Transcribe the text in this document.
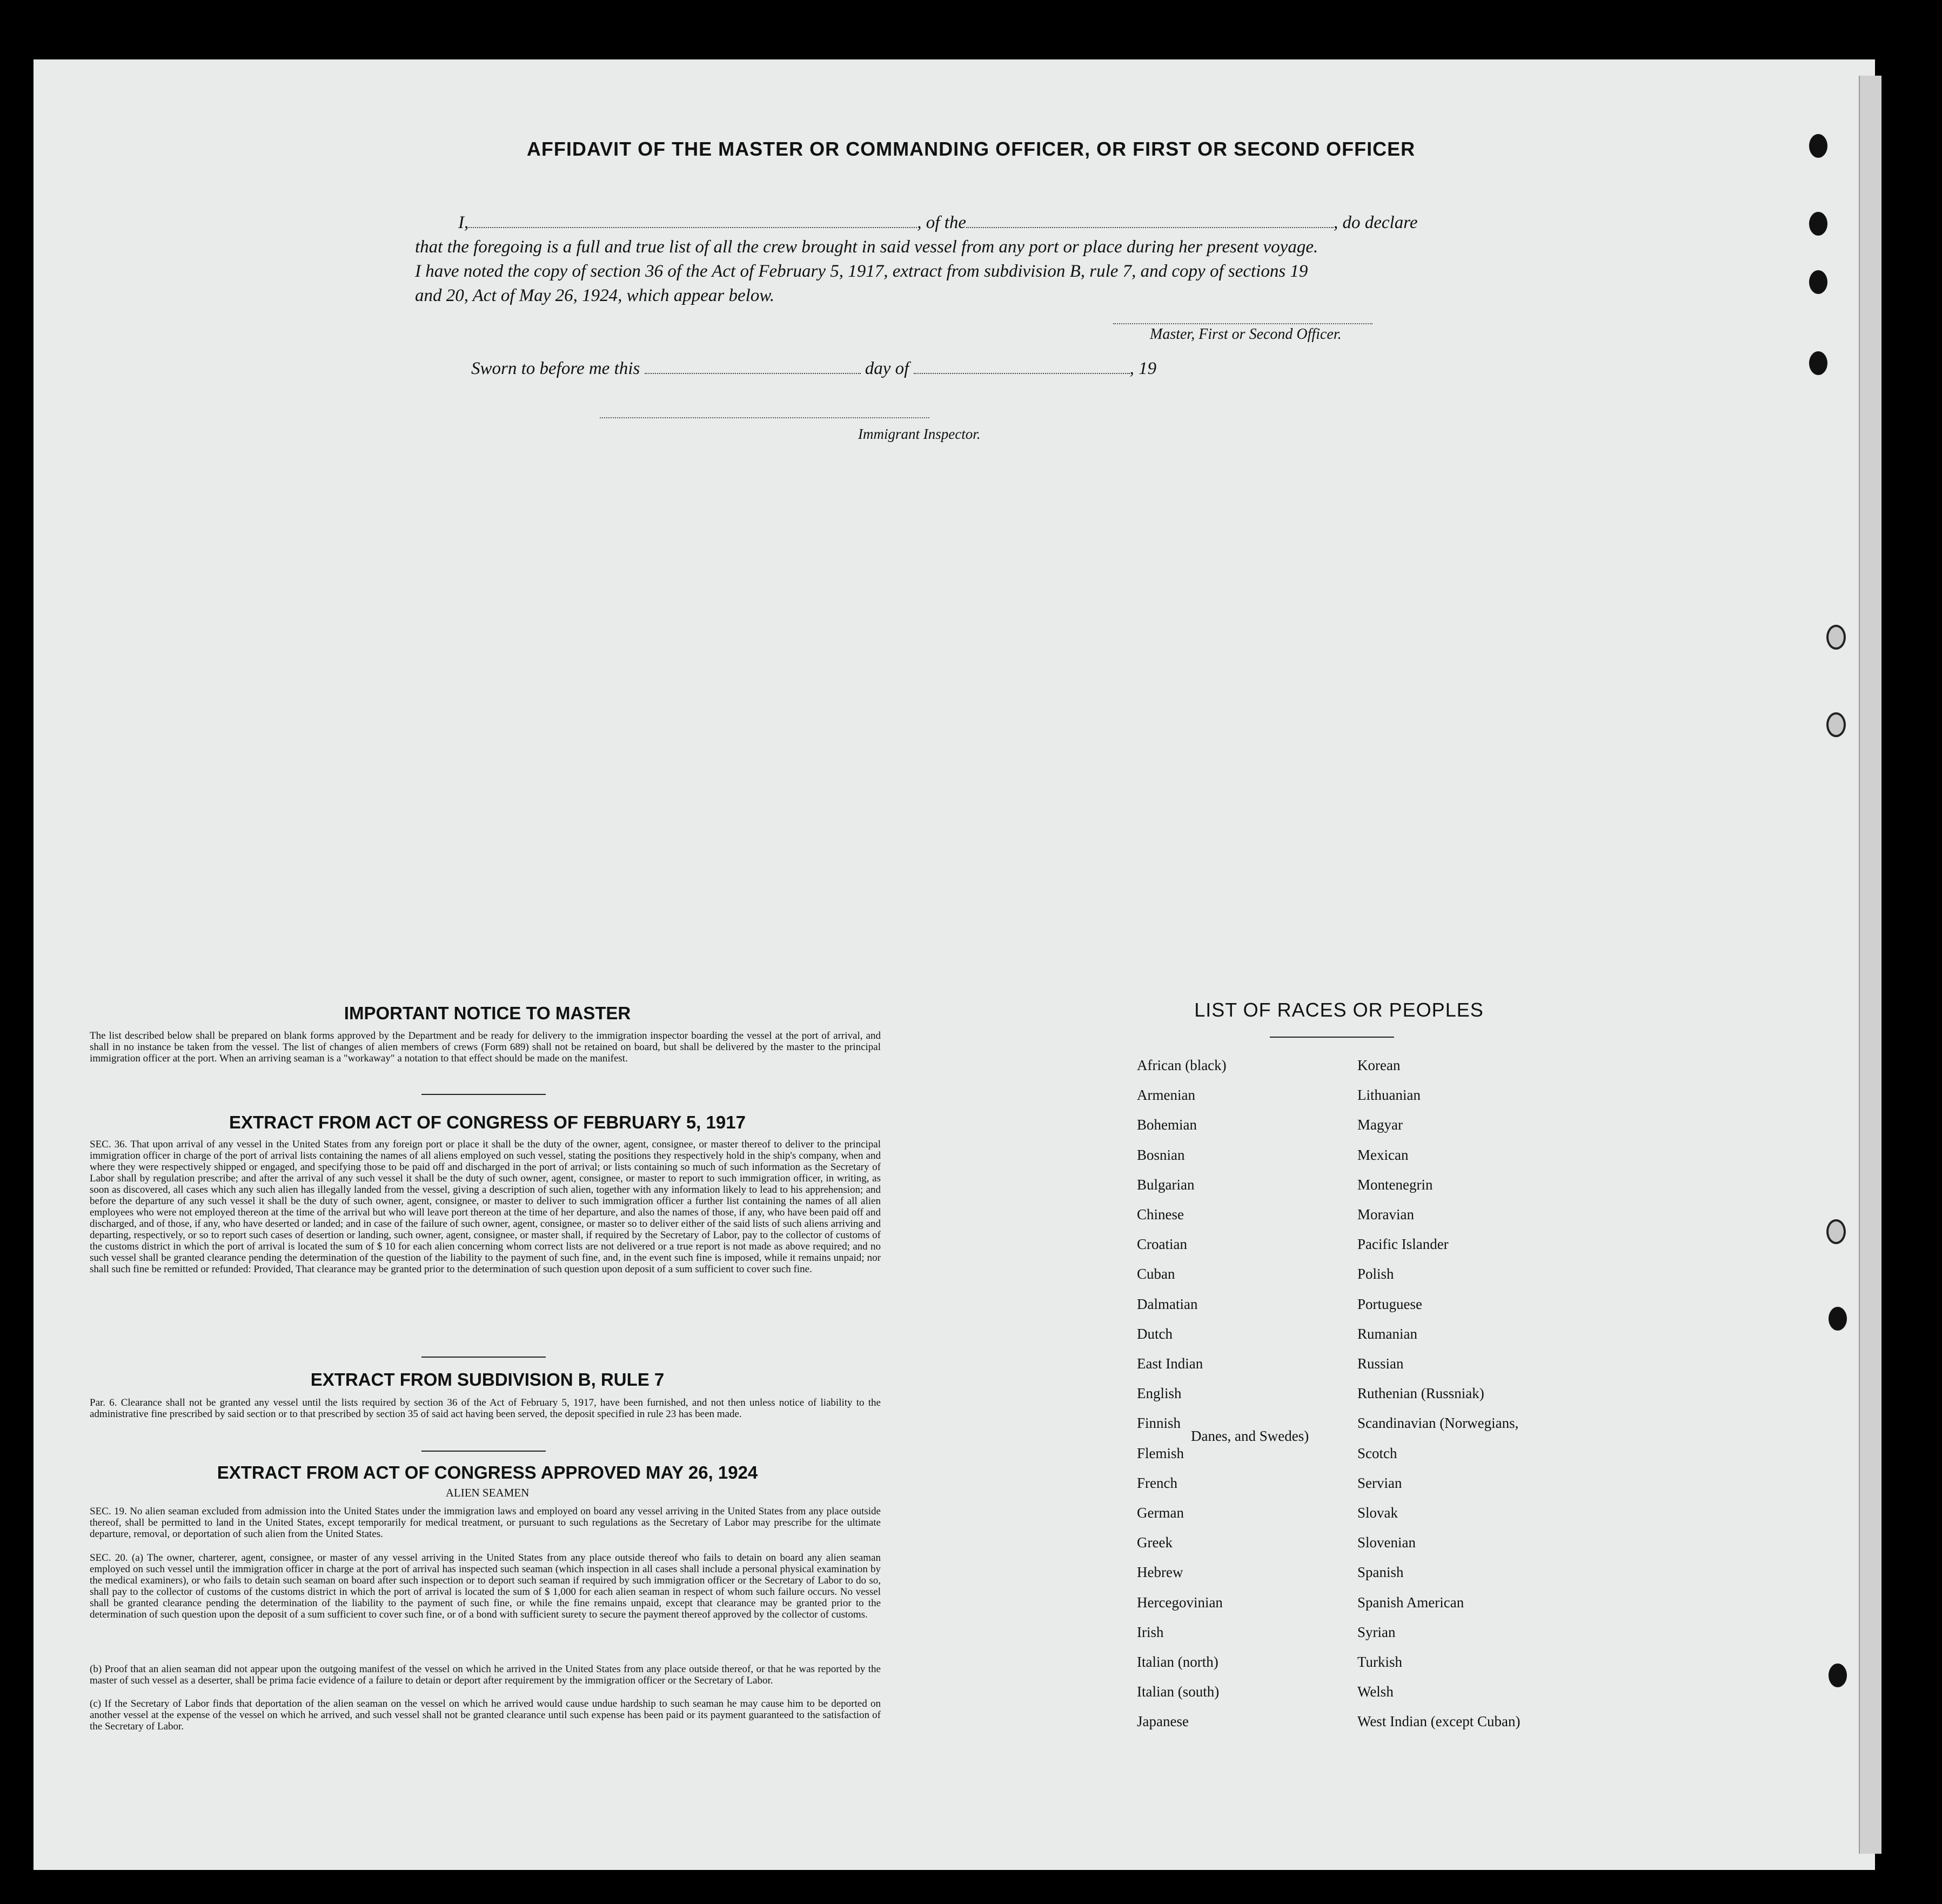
AFFIDAVIT OF THE MASTER OR COMMANDING OFFICER, OR FIRST OR SECOND OFFICER
I,	, of the	, do declare
that the foregoing is a full and true list of all the crew brought in said vessel from any port or place during her present voyage.
I have noted the copy of section 36 of the Act of February 5, 1917, extract from subdivision B, rule 7, and copy of sections 19
and 20, Act of May 26, 1924, which appear below.
Master, First or Second Officer.
Sworn to before me this	day of	, 19
Immigrant Inspector.
IMPORTANT NOTICE TO MASTER
The list described below shall be prepared on blank forms approved by the Department and be ready for delivery to the immigration inspector boarding the vessel at the port of arrival, and shall in no instance be taken from the vessel. The list of changes of alien members of crews (Form 689) shall not be retained on board, but shall be delivered by the master to the principal immigration officer at the port. When an arriving seaman is a "workaway" a notation to that effect should be made on the manifest.
EXTRACT FROM ACT OF CONGRESS OF FEBRUARY 5, 1917
SEC. 36. That upon arrival of any vessel in the United States from any foreign port or place it shall be the duty of the owner, agent, consignee, or master thereof to deliver to the principal immigration officer in charge of the port of arrival lists containing the names of all aliens employed on such vessel, stating the positions they respectively hold in the ship's company, when and where they were respectively shipped or engaged, and specifying those to be paid off and discharged in the port of arrival; or lists containing so much of such information as the Secretary of Labor shall by regulation prescribe; and after the arrival of any such vessel it shall be the duty of such owner, agent, consignee, or master to report to such immigration officer, in writing, as soon as discovered, all cases which any such alien has illegally landed from the vessel, giving a description of such alien, together with any information likely to lead to his apprehension; and before the departure of any such vessel it shall be the duty of such owner, agent, consignee, or master to deliver to such immigration officer a further list containing the names of all alien employees who were not employed thereon at the time of the arrival but who will leave port thereon at the time of her departure, and also the names of those, if any, who have been paid off and discharged, and of those, if any, who have deserted or landed; and in case of the failure of such owner, agent, consignee, or master so to deliver either of the said lists of such aliens arriving and departing, respectively, or so to report such cases of desertion or landing, such owner, agent, consignee, or master shall, if required by the Secretary of Labor, pay to the collector of customs of the customs district in which the port of arrival is located the sum of $ 10 for each alien concerning whom correct lists are not delivered or a true report is not made as above required; and no such vessel shall be granted clearance pending the determination of the question of the liability to the payment of such fine, and, in the event such fine is imposed, while it remains unpaid; nor shall such fine be remitted or refunded: Provided, That clearance may be granted prior to the determination of such question upon deposit of a sum sufficient to cover such fine.
EXTRACT FROM SUBDIVISION B, RULE 7
Par. 6. Clearance shall not be granted any vessel until the lists required by section 36 of the Act of February 5, 1917, have been furnished, and not then unless notice of liability to the administrative fine prescribed by said section or to that prescribed by section 35 of said act having been served, the deposit specified in rule 23 has been made.
EXTRACT FROM ACT OF CONGRESS APPROVED MAY 26, 1924
ALIEN SEAMEN
SEC. 19. No alien seaman excluded from admission into the United States under the immigration laws and employed on board any vessel arriving in the United States from any place outside thereof, shall be permitted to land in the United States, except temporarily for medical treatment, or pursuant to such regulations as the Secretary of Labor may prescribe for the ultimate departure, removal, or deportation of such alien from the United States.
SEC. 20. (a) The owner, charterer, agent, consignee, or master of any vessel arriving in the United States from any place outside thereof who fails to detain on board any alien seaman employed on such vessel until the immigration officer in charge at the port of arrival has inspected such seaman (which inspection in all cases shall include a personal physical examination by the medical examiners), or who fails to detain such seaman on board after such inspection or to deport such seaman if required by such immigration officer or the Secretary of Labor to do so, shall pay to the collector of customs of the customs district in which the port of arrival is located the sum of $ 1,000 for each alien seaman in respect of whom such failure occurs. No vessel shall be granted clearance pending the determination of the liability to the payment of such fine, or while the fine remains unpaid, except that clearance may be granted prior to the determination of such question upon the deposit of a sum sufficient to cover such fine, or of a bond with sufficient surety to secure the payment thereof approved by the collector of customs.
(b) Proof that an alien seaman did not appear upon the outgoing manifest of the vessel on which he arrived in the United States from any place outside thereof, or that he was reported by the master of such vessel as a deserter, shall be prima facie evidence of a failure to detain or deport after requirement by the immigration officer or the Secretary of Labor.
(c) If the Secretary of Labor finds that deportation of the alien seaman on the vessel on which he arrived would cause undue hardship to such seaman he may cause him to be deported on another vessel at the expense of the vessel on which he arrived, and such vessel shall not be granted clearance until such expense has been paid or its payment guaranteed to the satisfaction of the Secretary of Labor.
LIST OF RACES OR PEOPLES
African (black)
Armenian
Bohemian
Bosnian
Bulgarian
Chinese
Croatian
Cuban
Dalmatian
Dutch
East Indian
English
Finnish
Flemish
French
German
Greek
Hebrew
Hercegovinian
Irish
Italian (north)
Italian (south)
Japanese
Korean
Lithuanian
Magyar
Mexican
Montenegrin
Moravian
Pacific Islander
Polish
Portuguese
Rumanian
Russian
Ruthenian (Russniak)
Scandinavian (Norwegians,
Danes, and Swedes)
Scotch
Servian
Slovak
Slovenian
Spanish
Spanish American
Syrian
Turkish
Welsh
West Indian (except Cuban)
